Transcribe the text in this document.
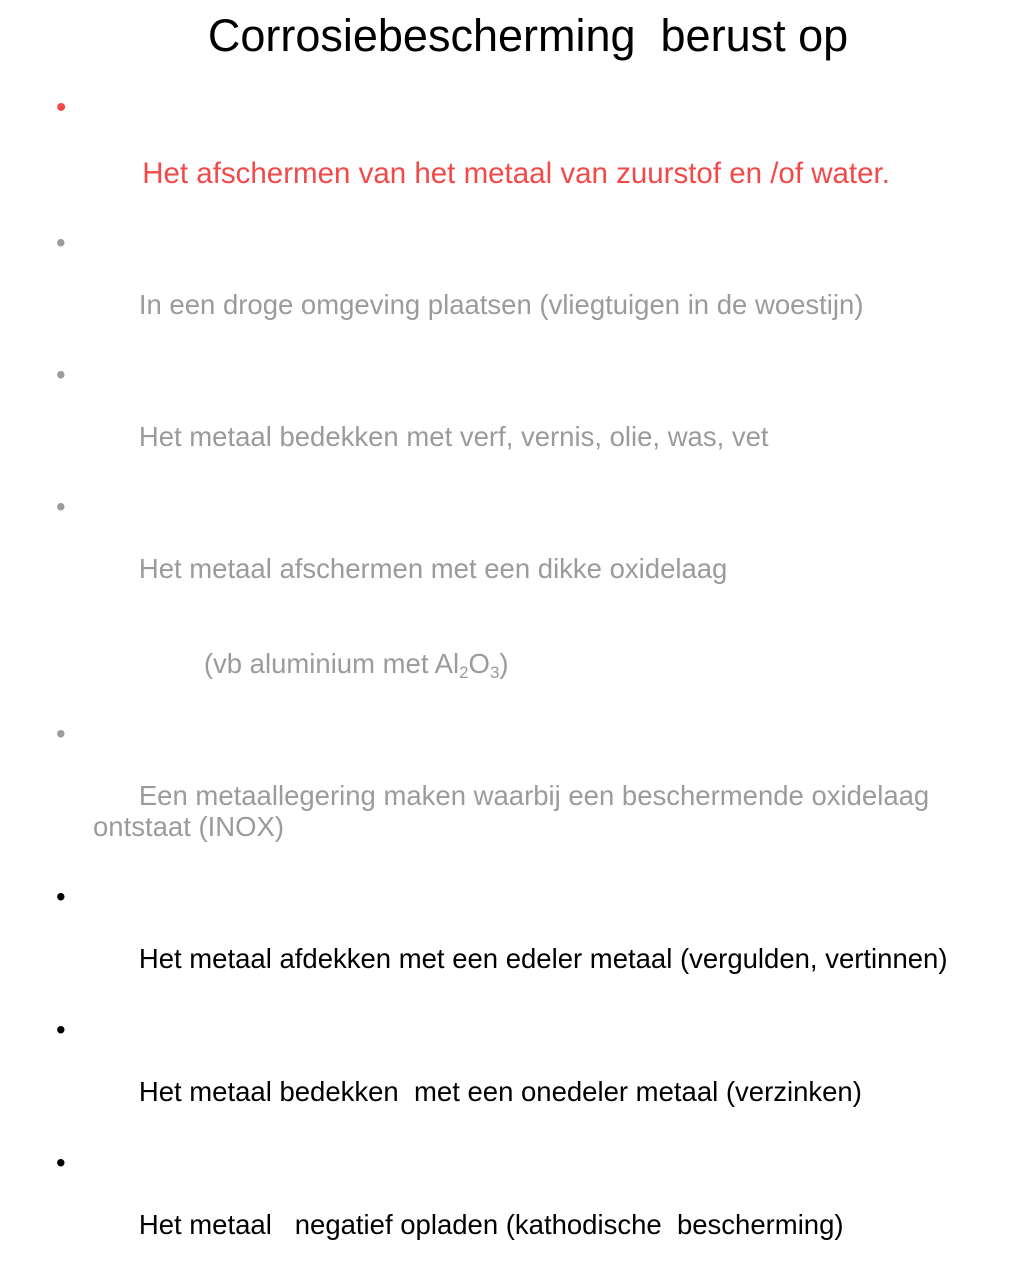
Corrosiebescherming  berust op

•

Het afschermen van het metaal van zuurstof en /of water.

•

In een droge omgeving plaatsen (vliegtuigen in de woestijn)

•

Het metaal bedekken met verf, vernis, olie, was, vet

•

Het metaal afschermen met een dikke oxidelaag

(vb aluminium met $Al_2O_3$)

•

Een metaallegering maken waarbij een beschermende oxidelaag ontstaat (INOX)

•

Het metaal afdekken met een edeler metaal (vergulden, vertinnen)

•

Het metaal bedekken  met een onedeler metaal (verzinken)

•

Het metaal   negatief opladen (kathodische  bescherming)
